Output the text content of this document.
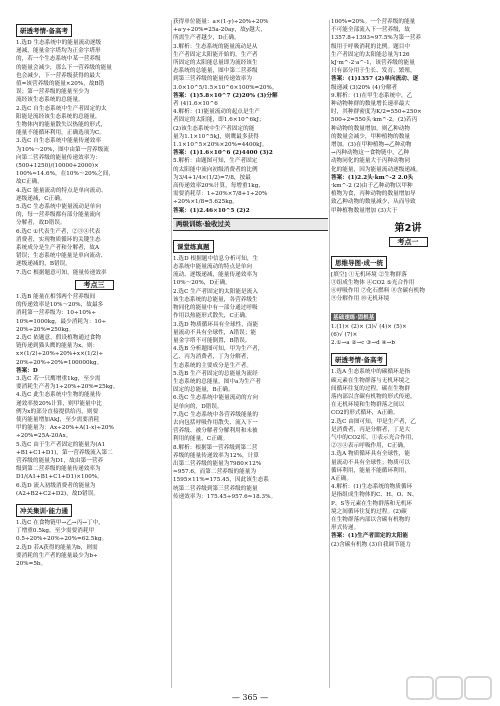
研透考情·备高考
1.选D 生态系统中的能量流动逐级
递减，能量金字塔均为正金字塔形
的，若一个生态系统中某一营养级
的能量会减少，那么下一营养级的能量
也会减少，下一营养级获得的最大
值=该营养级的能量×20%，故B错
误；第一营养级的能量至少为
流经该生态系统的总能量。
2.选C 自生态系统中生产者固定的太
阳能是流经该生态系统的总能量，
生物体内的能量散失以热能的形式，
能量不能循环利用。正确选项为C。
3.选C 自生态系统中能量传递效率
为10%～20%，图中由第一营养级流
向第二营养级的能量传递效率为：
(500+1250)/(10000+2000)×
100%≈14.6%，在10%～20%之间，
故C正确。
4.选C 能量流动的特点是单向流动、
逐级递减，C正确。
5.选C 生态系统中能量流动是单向
的，每一营养级都有部分能量流向
分解者，故D错误。
6.选C ①代表生产者，②③④代表
消费者，实现物质循环的关键生态
系统成分是生产者和分解者，故A
错误；生态系统中能量是单向流动、
逐级递减的，B错误。
7.选C 根据题意可知，能量传递效率
考点三
1.选B 能量在相邻两个营养级间
的传递效率是10%～20%，故最多
消耗第一营养级为：10÷10%÷
10%=1000kg，最少消耗为：10÷
20%÷20%=250kg。
2.选C 依题意，假设植物通过食物
链传递到猫头鹰的能量为x，则：
x×(1/2)÷20%÷20%+x×(1/2)÷
20%÷20%÷20%=100000kg。
答案：D
3.选C 若一只鹰增重1kg，至少需
要消耗生产者为1÷20%÷20%=25kg。
4.选C 此生态系统中生物的能量传
递效率按20%计算，则甲能量中比
例为x的部分直接提供给丙，则要
使丙能量增加AkJ，至少需要消耗
甲的能量为：Ax÷20%+A(1-x)÷20%
÷20%=25A-20Ax。
5.选C 由于生产者固定的能量为(A1
+B1+C1+D1)，第一营养级流入第二
营养级的能量为D1，故由第一营养
级到第二营养级的能量传递效率为
D1/(A1+B1+C1+D1)×100%。
6.选D 流入初级消费者的能量为
(A2+B2+C2+D2)，故D错误。
冲关集训·能力通
1.选C 在食物链甲→乙→丙→丁中，
丁增重0.5kg，至少需要消耗甲
0.5÷20%÷20%÷20%=62.5kg。
2.选D 若A获得的能量为b，则需
要消耗的生产者的能量最少为b÷
20%=5b。
获得单位能量：a×(1-y)÷20%÷20%
+a·y÷20%=25a-20ay，故y越大，
所需生产者越少，D正确。
3.解析：生态系统的能量流动是从
生产者固定太阳能开始的，生产者
所固定的太阳能总量即为流经该生
态系统的总能量，图中第二营养级
到第三营养级的能量传递效率为
3.0×10^5/1.5×10^6×100%=20%。
答案：(1)5.8×10^7 (2)20% (3)分解
者 (4)1.6×10^6
4.解析：(1)能量流动的起点是生产
者固定的太阳能，即1.6×10^6kJ；
(2)该生态系统中生产者固定的能
量为1.1×10^5kJ，则鹰最多获得
1.1×10^5×20%×20%=4400kJ。
答案：(1)1.6×10^6 (2)4400 (3)2
5.解析：由题图可知，生产者固定
的太阳能中流向初级消费者的比例
为3/4+1/4×(1/2)=7/8，按最
高传递效率20%计算，每增重1kg，
需要消耗草：1÷20%×7/8+1÷20%
÷20%×1/8=5.625kg。
答案：(1)2.46×10^5 (2)2
两级训练·验收过关
课堂练真题
1.选D 根据题中信息分析可知，生
态系统中能量流动的特点是单向
流动、逐级递减，能量传递效率为
10%～20%，D正确。
2.选C 生产者固定的太阳能是流入
该生态系统的总能量，各营养级生
物同化的能量中有一部分通过呼吸
作用以热能形式散失，C正确。
3.选D 物质循环具有全球性，而能
量流动不具有全球性，A错误；能
量金字塔不可能倒置，B错误。
4.选B 分析题图可知，甲为生产者，
乙、丙为消费者，丁为分解者，
生态系统的主要成分是生产者。
5.选B 生产者固定的总能量为流经
生态系统的总能量，图中a为生产者
固定的总能量，B正确。
6.选C 生态系统中能量流动的方向
是单向的，D错误。
7.选C 生态系统中各营养级能量的
去向包括呼吸作用散失、流入下一
营养级、被分解者分解利用和未被
利用的能量，C正确。
8.解析：根据第一营养级到第二营
养级的能量传递效率为12%，计算
出第二营养级的能量为7980×12%
≈957.6，而第二营养级的能量为
1595×11%=175.45，因此该生态系
统第二营养级到第三营养级的能量
传递效率为：175.45÷957.6≈18.3%。
100%=20%。一个营养级的能量
不可能全部流入下一营养级，故
1357.8÷1393≈97.5%为第一营养
级用于呼吸消耗的比例。题目中
生产者固定的太阳能总量为126
kJ·m^-2·a^-1，该营养级的能量
只有部分用于生长、发育、繁殖，
答案：(1)1357 (2)单向流动、逐
级递减 (3)20% (4)分解者
9.解析：(1)在甲生态系统中，乙
种动物种群的数量增长速率最大
时，其种群密度为K/2=550÷250×
500÷2=550头·km^-2。(2)若丙
种动物的数量增加，则乙种动物
的数量会减少，甲种植物的数量
增加。(3)在甲种植物→乙种动物
→丙种动物这一食物链中，乙种
动物同化的能量大于丙种动物同
化的能量，因为能量流动逐级递减。
答案：(1)2.2头·km^-2 2.0头
·km^-2 (2)由于乙种动物以甲种
植物为食，丙种动物的数量增加导
致乙种动物的数量减少，从而导致
甲种植物数量增加 (3)大于
第2讲
考点一
思维导图·成一统
[填空] ①无机环境 ②生物群落
③组成生物体 ④CO2 ⑤光合作用
⑥呼吸作用 ⑦化石燃料 ⑧含碳有机物
⑨分解作用 ⑩无机环境
基础速练·固根基
1.(1)× (2)× (3)√ (4)× (5)×
(6)√ (7)×
2.①→a ②→c ③→d ④→b
研透考情·备高考
1.选A 生态系统中的碳循环是指
碳元素在生物群落与无机环境之
间循环往复的过程，碳在生物群
落内部以含碳有机物的形式传递，
在无机环境和生物群落之间以
CO2的形式循环，A正确。
2.选C 由图可知，甲是生产者，乙
是消费者，丙是分解者，丁是大
气中的CO2库，①表示光合作用，
②③④表示呼吸作用，C正确。
3.选A 物质循环具有全球性，能
量流动不具有全球性；物质可以
循环利用，能量不能循环利用，
A正确。
4.解析：(1)生态系统的物质循环
是指组成生物体的C、H、O、N、
P、S等元素在生物群落和无机环
境之间循环往复的过程。(2)碳
在生物群落内部以含碳有机物的
形式传递。
答案：(1)生产者固定的太阳能
(2)含碳有机物 (3)自我调节能力
— 365 —
